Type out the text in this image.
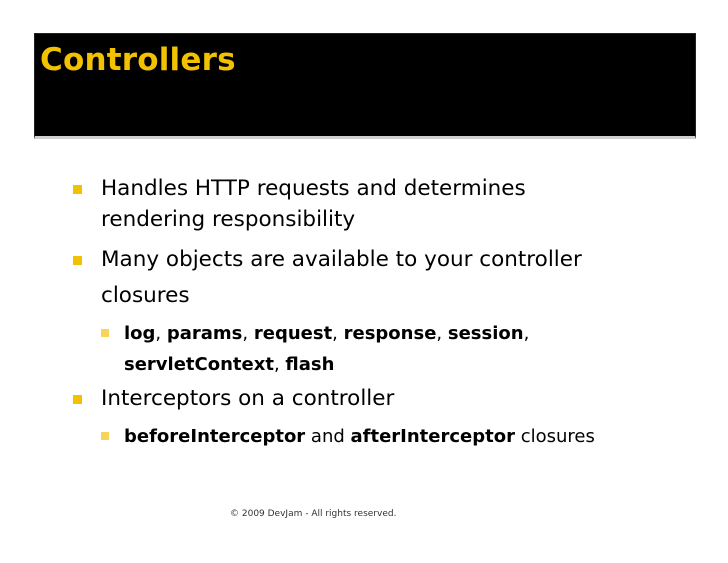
Controllers
Handles HTTP requests and determines
rendering responsibility
Many objects are available to your controller
closures
log, params, request, response, session,
servletContext, flash
Interceptors on a controller
beforeInterceptor and afterInterceptor closures
© 2009 DevJam - All rights reserved.
